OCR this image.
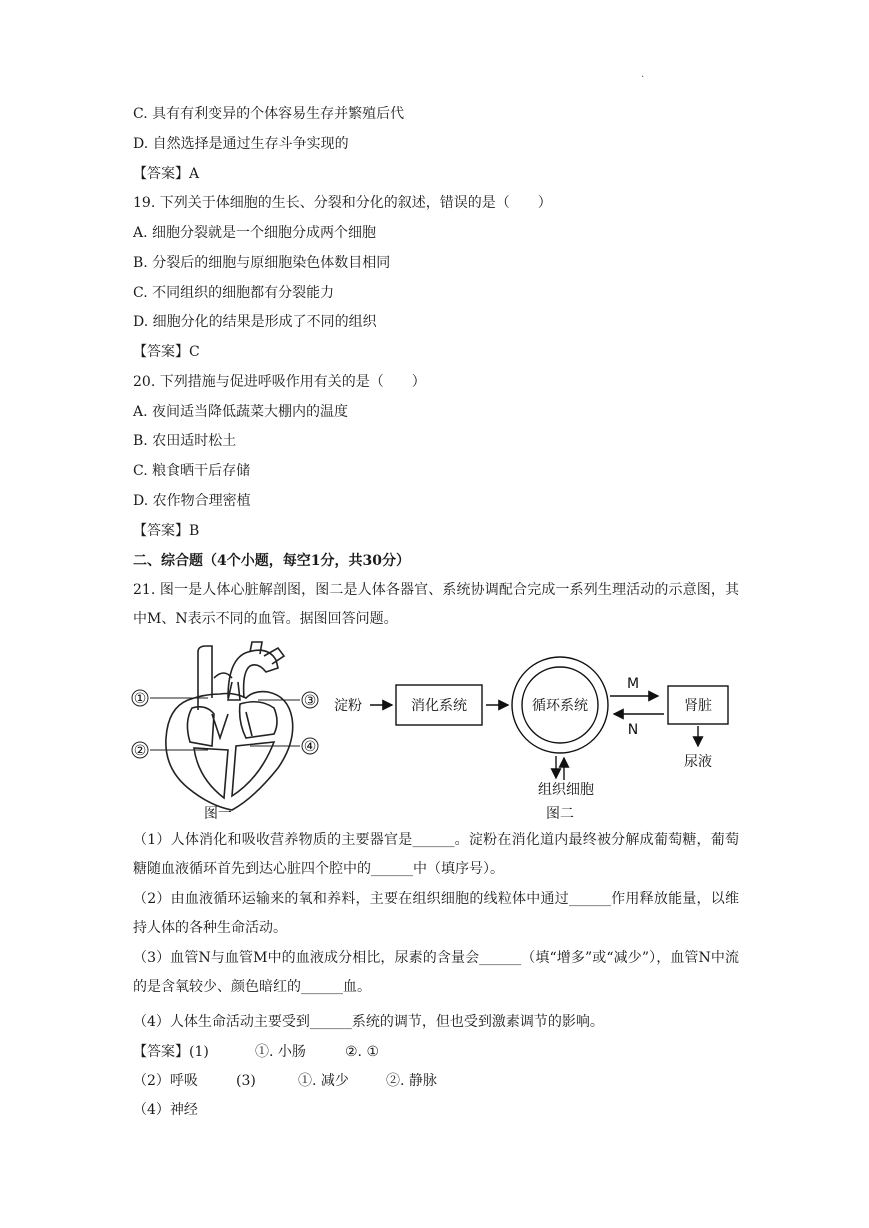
·
C. 具有有利变异的个体容易生存并繁殖后代
D. 自然选择是通过生存斗争实现的
【答案】A
19. 下列关于体细胞的生长、分裂和分化的叙述，错误的是（　　）
A. 细胞分裂就是一个细胞分成两个细胞
B. 分裂后的细胞与原细胞染色体数目相同
C. 不同组织的细胞都有分裂能力
D. 细胞分化的结果是形成了不同的组织
【答案】C
20. 下列措施与促进呼吸作用有关的是（　　）
A. 夜间适当降低蔬菜大棚内的温度
B. 农田适时松土
C. 粮食晒干后存储
D. 农作物合理密植
【答案】B
二、综合题（4个小题，每空1分，共30分）
21. 图一是人体心脏解剖图，图二是人体各器官、系统协调配合完成一系列生理活动的示意图，其中M、N表示不同的血管。据图回答问题。
①
②
③
④
图一
淀粉	消化系统	循环系统
M
N
肾脏
尿液
组织细胞
图二
（1）人体消化和吸收营养物质的主要器官是______。淀粉在消化道内最终被分解成葡萄糖，葡萄糖随血液循环首先到达心脏四个腔中的______中（填序号）。
（2）由血液循环运输来的氧和养料，主要在组织细胞的线粒体中通过______作用释放能量，以维持人体的各种生命活动。
（3）血管N与血管M中的血液成分相比，尿素的含量会______（填“增多”或“减少”），血管N中流的是含氧较少、颜色暗红的______血。
（4）人体生命活动主要受到______系统的调节，但也受到激素调节的影响。
【答案】(1)	①. 小肠	②. ①
（2）呼吸	(3)	①. 减少	②. 静脉
（4）神经
